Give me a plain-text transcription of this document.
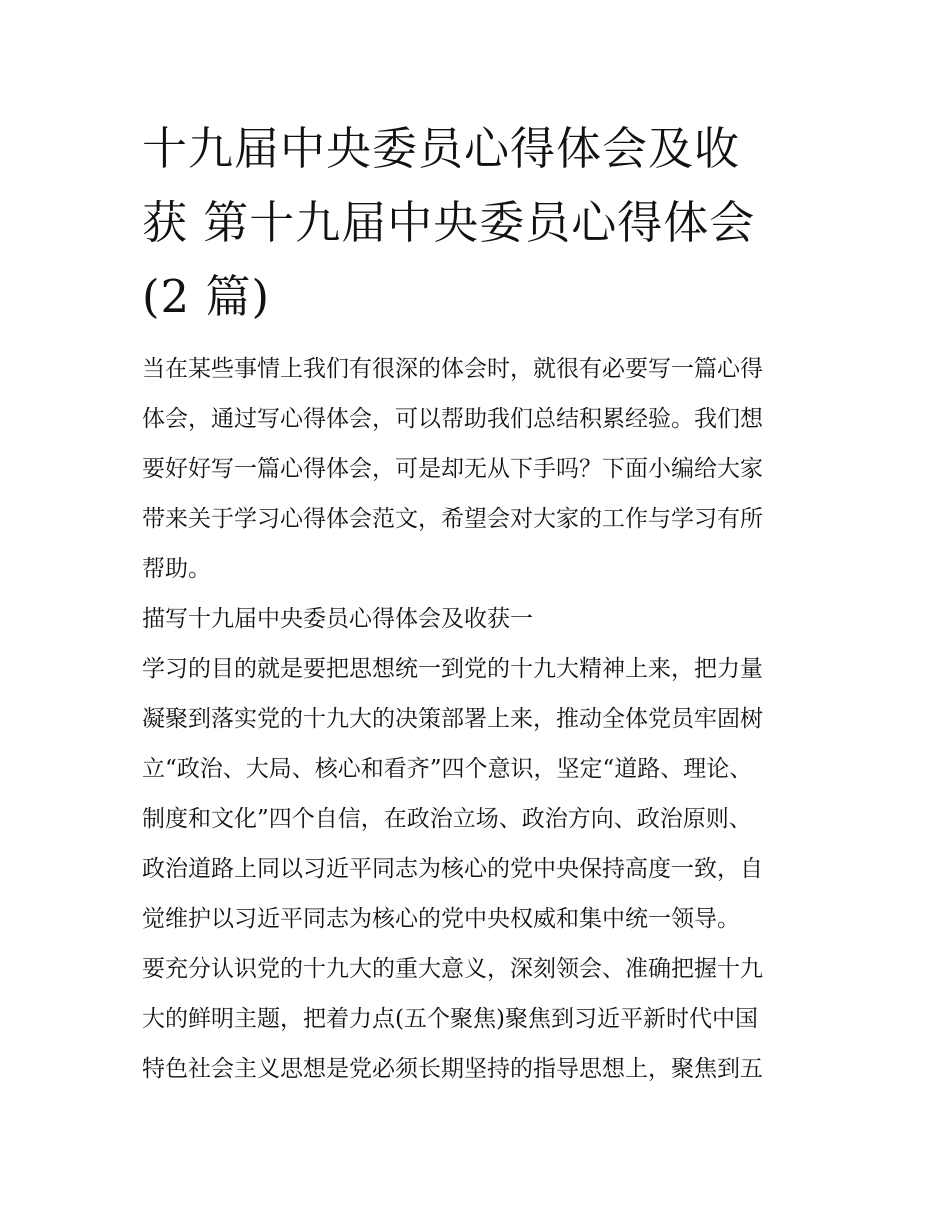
十九届中央委员心得体会及收
获 第十九届中央委员心得体会
(2 篇)

当在某些事情上我们有很深的体会时，就很有必要写一篇心得
体会，通过写心得体会，可以帮助我们总结积累经验。我们想
要好好写一篇心得体会，可是却无从下手吗？下面小编给大家
带来关于学习心得体会范文，希望会对大家的工作与学习有所
帮助。

描写十九届中央委员心得体会及收获一

学习的目的就是要把思想统一到党的十九大精神上来，把力量
凝聚到落实党的十九大的决策部署上来，推动全体党员牢固树
立“政治、大局、核心和看齐”四个意识，坚定“道路、理论、
制度和文化”四个自信，在政治立场、政治方向、政治原则、
政治道路上同以习近平同志为核心的党中央保持高度一致，自
觉维护以习近平同志为核心的党中央权威和集中统一领导。

要充分认识党的十九大的重大意义，深刻领会、准确把握十九
大的鲜明主题，把着力点(五个聚焦)聚焦到习近平新时代中国
特色社会主义思想是党必须长期坚持的指导思想上，聚焦到五
